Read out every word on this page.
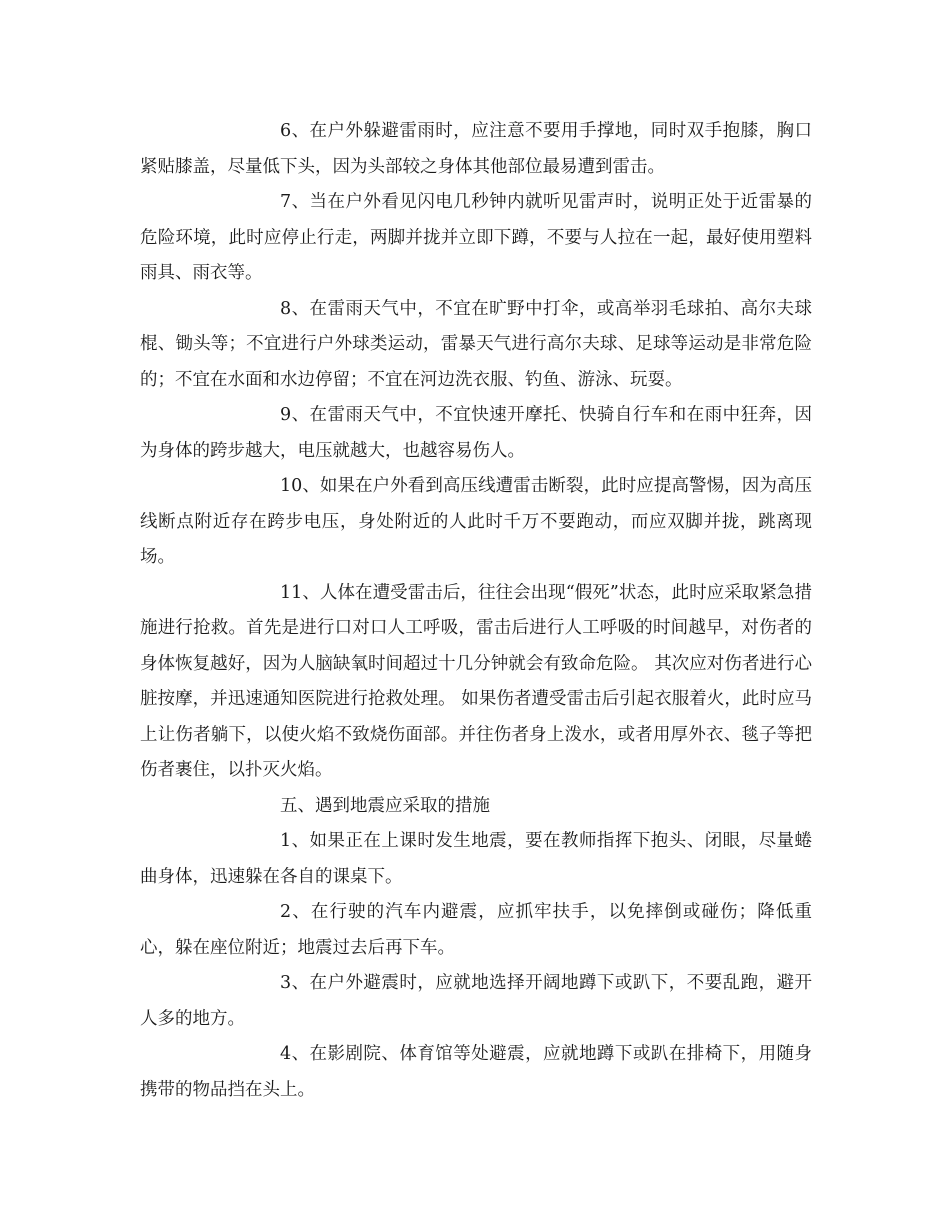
6、在户外躲避雷雨时，应注意不要用手撑地，同时双手抱膝，胸口紧贴膝盖，尽量低下头，因为头部较之身体其他部位最易遭到雷击。

7、当在户外看见闪电几秒钟内就听见雷声时，说明正处于近雷暴的危险环境，此时应停止行走，两脚并拢并立即下蹲，不要与人拉在一起，最好使用塑料雨具、雨衣等。

8、在雷雨天气中，不宜在旷野中打伞，或高举羽毛球拍、高尔夫球棍、锄头等；不宜进行户外球类运动，雷暴天气进行高尔夫球、足球等运动是非常危险的；不宜在水面和水边停留；不宜在河边洗衣服、钓鱼、游泳、玩耍。

9、在雷雨天气中，不宜快速开摩托、快骑自行车和在雨中狂奔，因为身体的跨步越大，电压就越大，也越容易伤人。

10、如果在户外看到高压线遭雷击断裂，此时应提高警惕，因为高压线断点附近存在跨步电压，身处附近的人此时千万不要跑动，而应双脚并拢，跳离现场。

11、人体在遭受雷击后，往往会出现“假死”状态，此时应采取紧急措施进行抢救。首先是进行口对口人工呼吸，雷击后进行人工呼吸的时间越早，对伤者的身体恢复越好，因为人脑缺氧时间超过十几分钟就会有致命危险。 其次应对伤者进行心脏按摩，并迅速通知医院进行抢救处理。 如果伤者遭受雷击后引起衣服着火，此时应马上让伤者躺下，以使火焰不致烧伤面部。并往伤者身上泼水，或者用厚外衣、毯子等把伤者裹住，以扑灭火焰。

五、遇到地震应采取的措施

1、如果正在上课时发生地震，要在教师指挥下抱头、闭眼，尽量蜷曲身体，迅速躲在各自的课桌下。

2、在行驶的汽车内避震，应抓牢扶手，以免摔倒或碰伤；降低重心，躲在座位附近；地震过去后再下车。

3、在户外避震时，应就地选择开阔地蹲下或趴下，不要乱跑，避开人多的地方。

4、在影剧院、体育馆等处避震，应就地蹲下或趴在排椅下，用随身携带的物品挡在头上。
